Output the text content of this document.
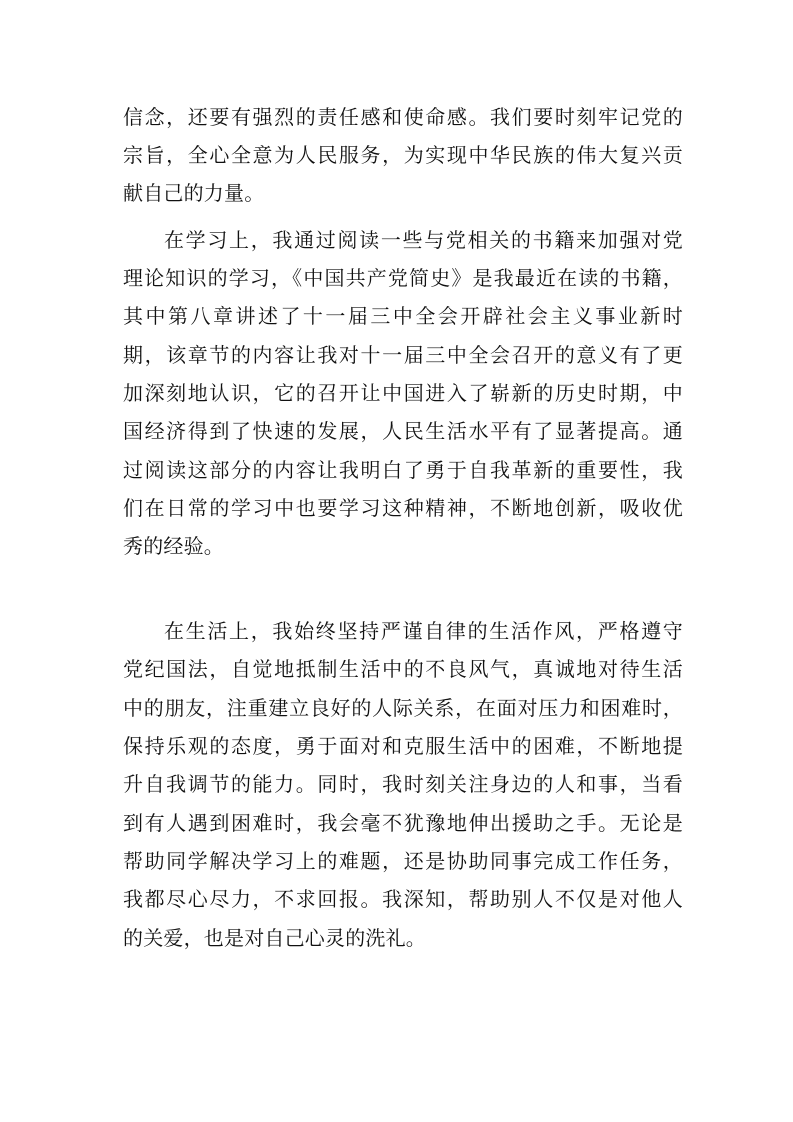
信念，还要有强烈的责任感和使命感。我们要时刻牢记党的
宗旨，全心全意为人民服务，为实现中华民族的伟大复兴贡
献自己的力量。
在学习上，我通过阅读一些与党相关的书籍来加强对党
理论知识的学习，《中国共产党简史》是我最近在读的书籍，
其中第八章讲述了十一届三中全会开辟社会主义事业新时
期，该章节的内容让我对十一届三中全会召开的意义有了更
加深刻地认识，它的召开让中国进入了崭新的历史时期，中
国经济得到了快速的发展，人民生活水平有了显著提高。通
过阅读这部分的内容让我明白了勇于自我革新的重要性，我
们在日常的学习中也要学习这种精神，不断地创新，吸收优
秀的经验。
在生活上，我始终坚持严谨自律的生活作风，严格遵守
党纪国法，自觉地抵制生活中的不良风气，真诚地对待生活
中的朋友，注重建立良好的人际关系，在面对压力和困难时，
保持乐观的态度，勇于面对和克服生活中的困难，不断地提
升自我调节的能力。同时，我时刻关注身边的人和事，当看
到有人遇到困难时，我会毫不犹豫地伸出援助之手。无论是
帮助同学解决学习上的难题，还是协助同事完成工作任务，
我都尽心尽力，不求回报。我深知，帮助别人不仅是对他人
的关爱，也是对自己心灵的洗礼。
